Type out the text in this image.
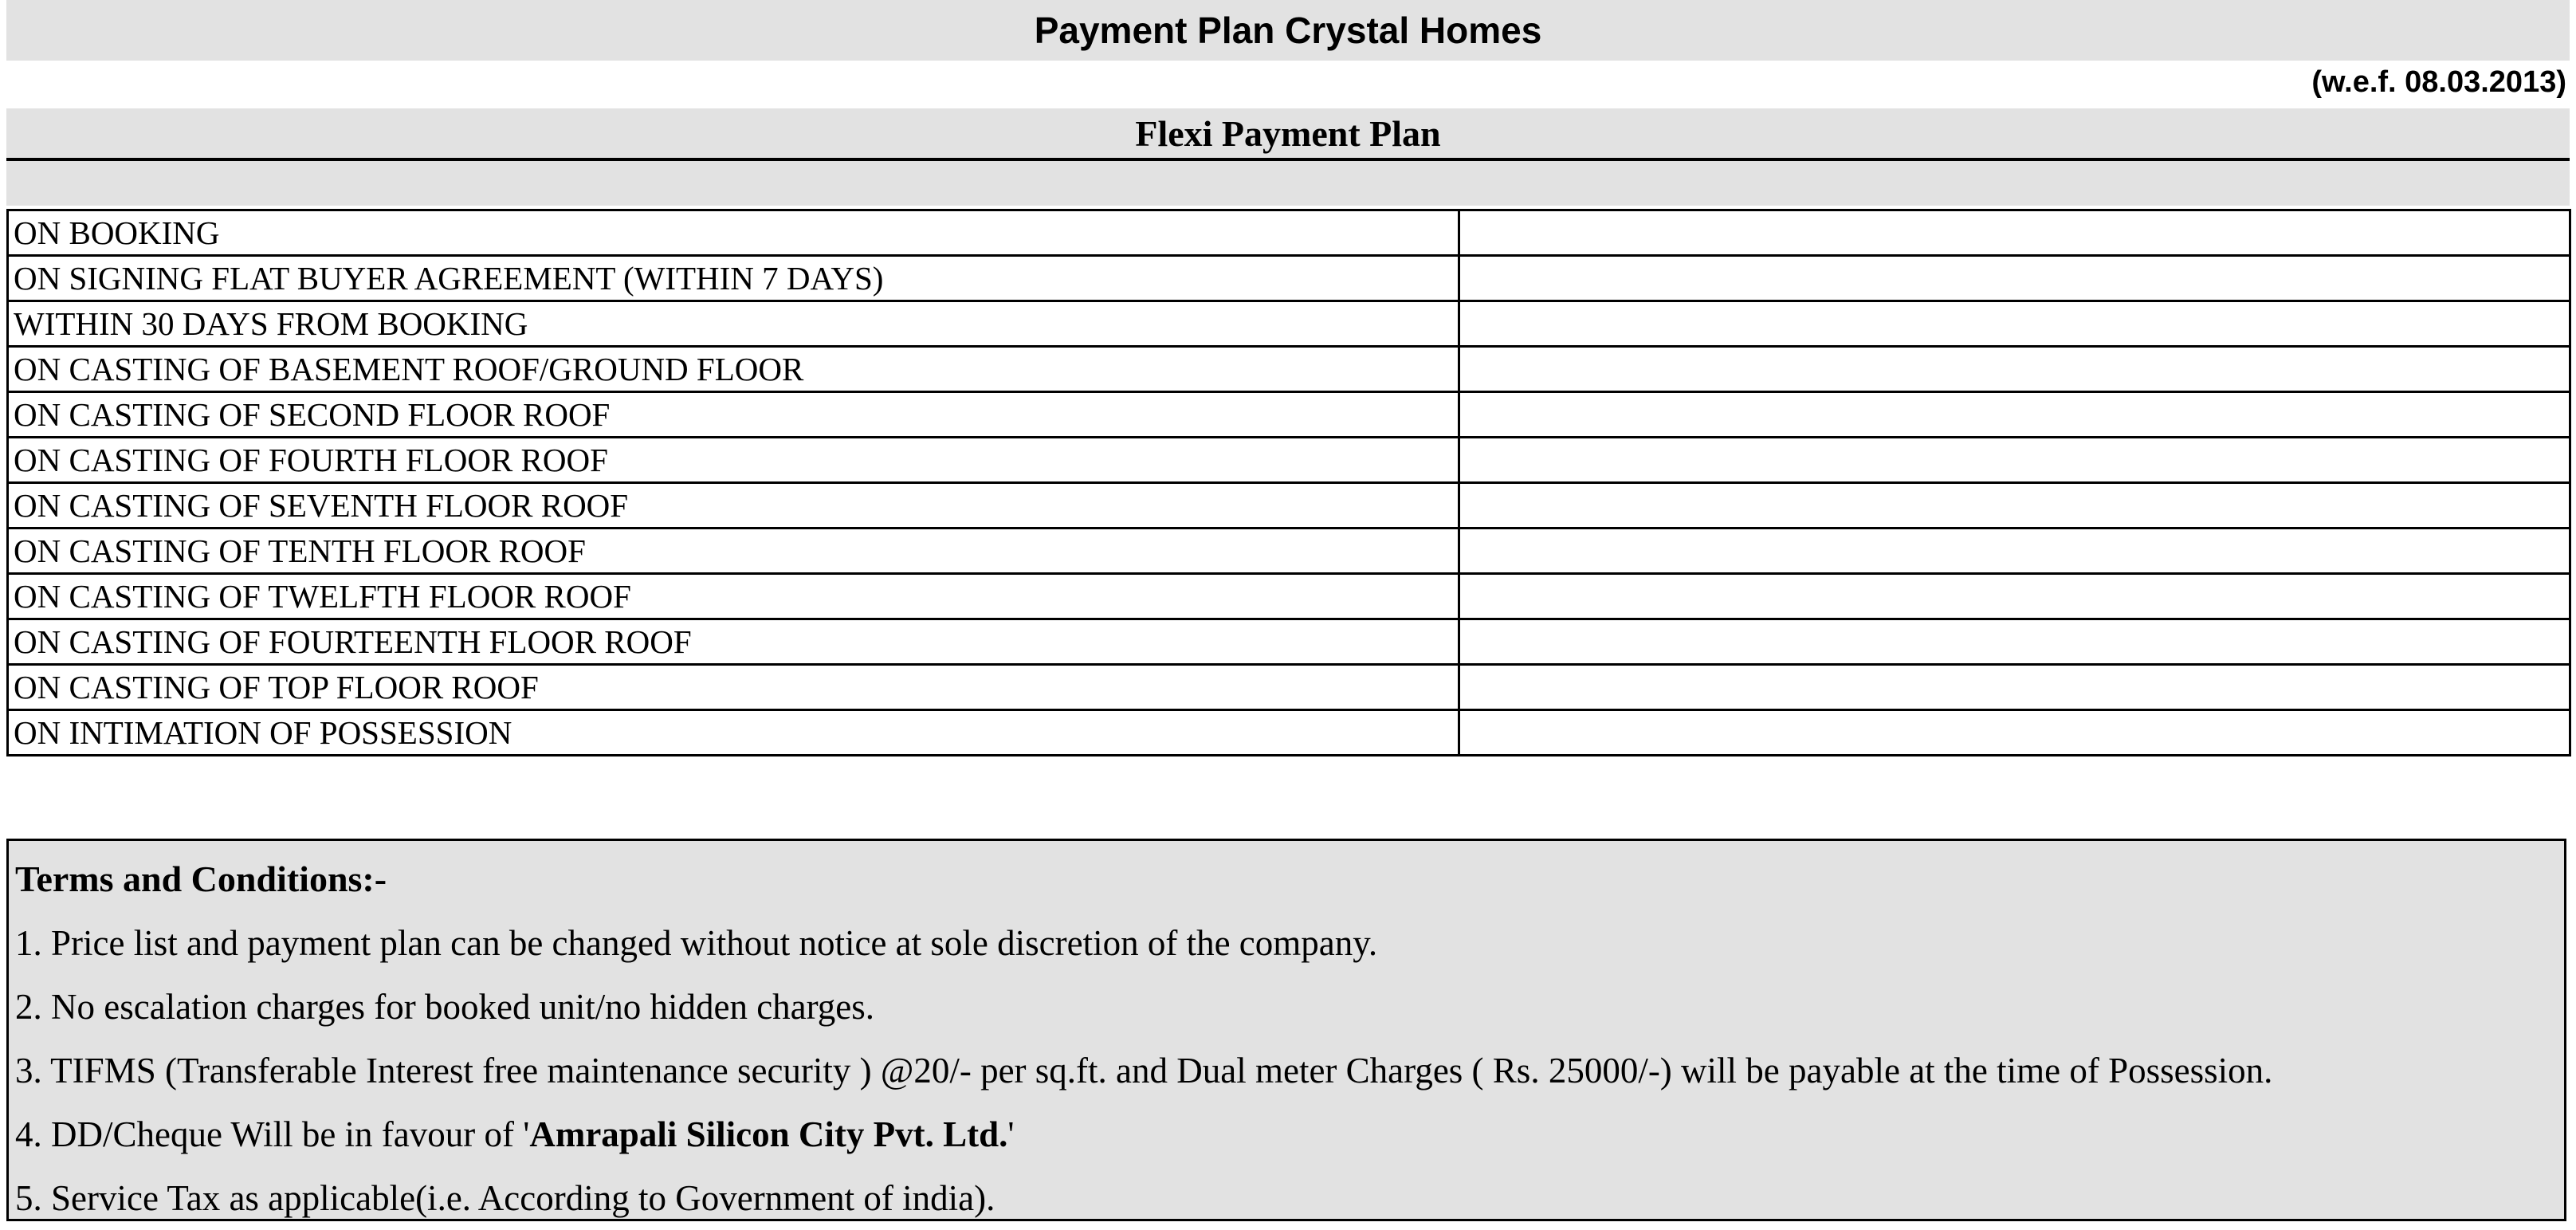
Payment Plan Crystal Homes
(w.e.f. 08.03.2013)
Flexi Payment Plan
ON BOOKING	
ON SIGNING FLAT BUYER AGREEMENT (WITHIN 7 DAYS)	
WITHIN 30 DAYS FROM BOOKING	
ON CASTING OF BASEMENT ROOF/GROUND FLOOR	
ON CASTING OF SECOND FLOOR ROOF	
ON CASTING OF FOURTH FLOOR ROOF	
ON CASTING OF SEVENTH FLOOR ROOF	
ON CASTING OF TENTH FLOOR ROOF	
ON CASTING OF TWELFTH FLOOR ROOF	
ON CASTING OF FOURTEENTH FLOOR ROOF	
ON CASTING OF TOP FLOOR ROOF	
ON INTIMATION OF POSSESSION	
Terms and Conditions:-
1. Price list and payment plan can be changed without notice at sole discretion of the company.
2. No escalation charges for booked unit/no hidden charges.
3. TIFMS (Transferable Interest free maintenance security ) @20/- per sq.ft. and Dual meter Charges ( Rs. 25000/-) will be payable at the time of Possession.
4. DD/Cheque Will be in favour of 'Amrapali Silicon City Pvt. Ltd.'
5. Service Tax as applicable(i.e. According to Government of india).
